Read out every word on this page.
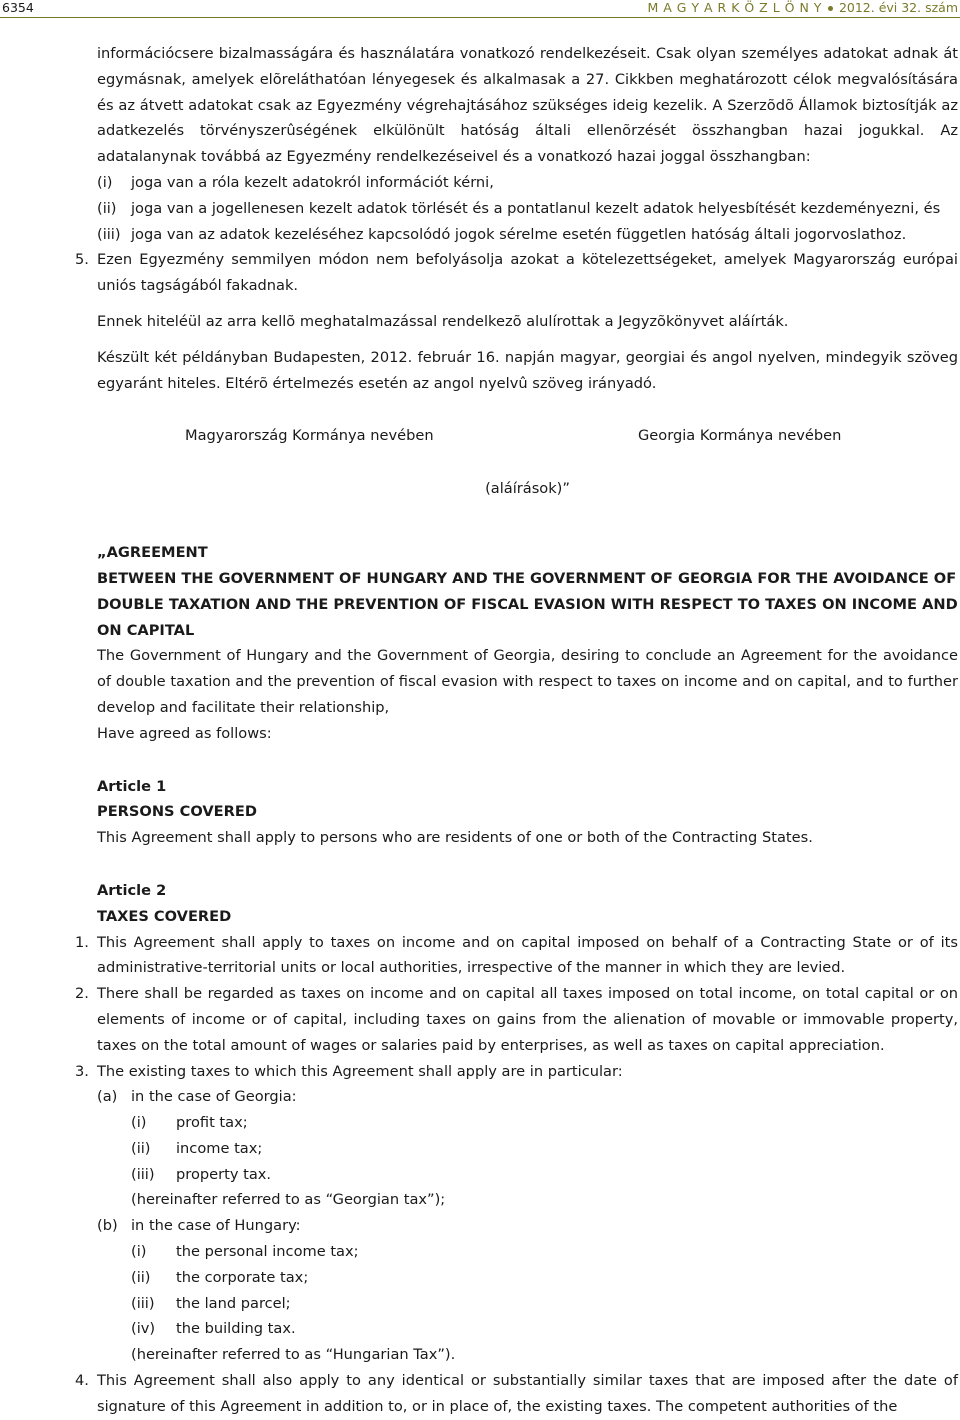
6354	M A G Y A R K Ö Z L Ö N Y 2012. évi 32. szám

információcsere bizalmasságára és használatára vonatkozó rendelkezéseit. Csak olyan személyes adatokat adnak át egymásnak, amelyek elõreláthatóan lényegesek és alkalmasak a 27. Cikkben meghatározott célok megvalósítására és az átvett adatokat csak az Egyezmény végrehajtásához szükséges ideig kezelik. A Szerzõdõ Államok biztosítják az adatkezelés törvényszerûségének elkülönült hatóság általi ellenõrzését összhangban hazai jogukkal. Az adatalanynak továbbá az Egyezmény rendelkezéseivel és a vonatkozó hazai joggal összhangban:

(i) joga van a róla kezelt adatokról információt kérni,
(ii) joga van a jogellenesen kezelt adatok törlését és a pontatlanul kezelt adatok helyesbítését kezdeményezni, és
(iii) joga van az adatok kezeléséhez kapcsolódó jogok sérelme esetén független hatóság általi jogorvoslathoz.
5. Ezen Egyezmény semmilyen módon nem befolyásolja azokat a kötelezettségeket, amelyek Magyarország európai uniós tagságából fakadnak.

Ennek hiteléül az arra kellõ meghatalmazással rendelkezõ alulírottak a Jegyzõkönyvet aláírták.

Készült két példányban Budapesten, 2012. február 16. napján magyar, georgiai és angol nyelven, mindegyik szöveg egyaránt hiteles. Eltérõ értelmezés esetén az angol nyelvû szöveg irányadó.

Magyarország Kormánya nevében	Georgia Kormánya nevében

(aláírások)”

„AGREEMENT
BETWEEN THE GOVERNMENT OF HUNGARY AND THE GOVERNMENT OF GEORGIA FOR THE AVOIDANCE OF DOUBLE TAXATION AND THE PREVENTION OF FISCAL EVASION WITH RESPECT TO TAXES ON INCOME AND ON CAPITAL

The Government of Hungary and the Government of Georgia, desiring to conclude an Agreement for the avoidance of double taxation and the prevention of fiscal evasion with respect to taxes on income and on capital, and to further develop and facilitate their relationship,

Have agreed as follows:

Article 1
PERSONS COVERED

This Agreement shall apply to persons who are residents of one or both of the Contracting States.

Article 2
TAXES COVERED
1. This Agreement shall apply to taxes on income and on capital imposed on behalf of a Contracting State or of its administrative-territorial units or local authorities, irrespective of the manner in which they are levied.
2. There shall be regarded as taxes on income and on capital all taxes imposed on total income, on total capital or on elements of income or of capital, including taxes on gains from the alienation of movable or immovable property, taxes on the total amount of wages or salaries paid by enterprises, as well as taxes on capital appreciation.
3. The existing taxes to which this Agreement shall apply are in particular:
(a) in the case of Georgia:
(i) profit tax;
(ii) income tax;
(iii) property tax.

(hereinafter referred to as “Georgian tax”);

(b) in the case of Hungary:
(i) the personal income tax;
(ii) the corporate tax;
(iii) the land parcel;
(iv) the building tax.

(hereinafter referred to as “Hungarian Tax”).

4. This Agreement shall also apply to any identical or substantially similar taxes that are imposed after the date of signature of this Agreement in addition to, or in place of, the existing taxes. The competent authorities of the
